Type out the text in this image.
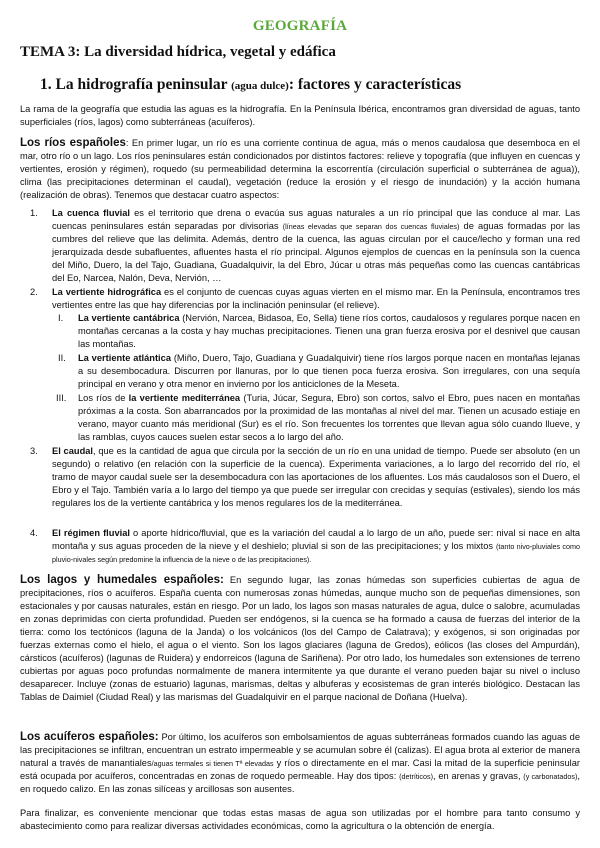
GEOGRAFÍA
TEMA 3: La diversidad hídrica, vegetal y edáfica
1. La hidrografía peninsular (agua dulce): factores y características
La rama de la geografía que estudia las aguas es la hidrografía. En la Península Ibérica, encontramos gran diversidad de aguas, tanto superficiales (ríos, lagos) como subterráneas (acuíferos).
Los ríos españoles: En primer lugar, un río es una corriente continua de agua, más o menos caudalosa que desemboca en el mar, otro río o un lago. Los ríos peninsulares están condicionados por distintos factores: relieve y topografía (que influyen en cuencas y vertientes, erosión y régimen), roquedo (su permeabilidad determina la escorrentía (circulación superficial o subterránea de agua)), clima (las precipitaciones determinan el caudal), vegetación (reduce la erosión y el riesgo de inundación) y la acción humana (realización de obras). Tenemos que destacar cuatro aspectos:
1. La cuenca fluvial es el territorio que drena o evacúa sus aguas naturales a un río principal que las conduce al mar. Las cuencas peninsulares están separadas por divisorias (líneas elevadas que separan dos cuencas fluviales) de aguas formadas por las cumbres del relieve que las delimita. Además, dentro de la cuenca, las aguas circulan por el cauce/lecho y forman una red jerarquizada desde subafluentes, afluentes hasta el río principal. Algunos ejemplos de cuencas en la península son la cuenca del Miño, Duero, la del Tajo, Guadiana, Guadalquivir, la del Ebro, Júcar u otras más pequeñas como las cuencas cantábricas del Eo, Narcea, Nalón, Deva, Nervión, …
2. La vertiente hidrográfica es el conjunto de cuencas cuyas aguas vierten en el mismo mar. En la Península, encontramos tres vertientes entre las que hay diferencias por la inclinación peninsular (el relieve).
I. La vertiente cantábrica (Nervión, Narcea, Bidasoa, Eo, Sella) tiene ríos cortos, caudalosos y regulares porque nacen en montañas cercanas a la costa y hay muchas precipitaciones. Tienen una gran fuerza erosiva por el desnivel que causan las montañas.
II. La vertiente atlántica (Miño, Duero, Tajo, Guadiana y Guadalquivir) tiene ríos largos porque nacen en montañas lejanas a su desembocadura. Discurren por llanuras, por lo que tienen poca fuerza erosiva. Son irregulares, con una sequía principal en verano y otra menor en invierno por los anticiclones de la Meseta.
III. Los ríos de la vertiente mediterránea (Turia, Júcar, Segura, Ebro) son cortos, salvo el Ebro, pues nacen en montañas próximas a la costa. Son abarrancados por la proximidad de las montañas al nivel del mar. Tienen un acusado estiaje en verano, mayor cuanto más meridional (Sur) es el río. Son frecuentes los torrentes que llevan agua sólo cuando llueve, y las ramblas, cuyos cauces suelen estar secos a lo largo del año.
3. El caudal, que es la cantidad de agua que circula por la sección de un río en una unidad de tiempo. Puede ser absoluto (en un segundo) o relativo (en relación con la superficie de la cuenca). Experimenta variaciones, a lo largo del recorrido del río, el tramo de mayor caudal suele ser la desembocadura con las aportaciones de los afluentes. Los más caudalosos son el Duero, el Ebro y el Tajo. También varía a lo largo del tiempo ya que puede ser irregular con crecidas y sequías (estivales), siendo los más regulares los de la vertiente cantábrica y los menos regulares los de la mediterránea.
4. El régimen fluvial o aporte hídrico/fluvial, que es la variación del caudal a lo largo de un año, puede ser: nival si nace en alta montaña y sus aguas proceden de la nieve y el deshielo; pluvial si son de las precipitaciones; y los mixtos (tanto nivo-pluviales como pluvio-nivales según predomine la influencia de la nieve o de las precipitaciones).
Los lagos y humedales españoles: En segundo lugar, las zonas húmedas son superficies cubiertas de agua de precipitaciones, ríos o acuíferos. España cuenta con numerosas zonas húmedas, aunque mucho son de pequeñas dimensiones, son estacionales y por causas naturales, están en riesgo. Por un lado, los lagos son masas naturales de agua, dulce o salobre, acumuladas en zonas deprimidas con cierta profundidad. Pueden ser endógenos, si la cuenca se ha formado a causa de fuerzas del interior de la tierra: como los tectónicos (laguna de la Janda) o los volcánicos (los del Campo de Calatrava); y exógenos, si son originadas por fuerzas externas como el hielo, el agua o el viento. Son los lagos glaciares (laguna de Gredos), eólicos (las closes del Ampurdán), cársticos (acuíferos) (lagunas de Ruidera) y endorreicos (laguna de Sariñena). Por otro lado, los humedales son extensiones de terreno cubiertas por aguas poco profundas normalmente de manera intermitente ya que durante el verano pueden bajar su nivel o incluso desaparecer. Incluye (zonas de estuario) lagunas, marismas, deltas y albuferas y ecosistemas de gran interés biológico. Destacan las Tablas de Daimiel (Ciudad Real) y las marismas del Guadalquivir en el parque nacional de Doñana (Huelva).
Los acuíferos españoles: Por último, los acuíferos son embolsamientos de aguas subterráneas formados cuando las aguas de las precipitaciones se infiltran, encuentran un estrato impermeable y se acumulan sobre él (calizas). El agua brota al exterior de manera natural a través de manantiales/aguas termales si tienen Tª elevadas y ríos o directamente en el mar. Casi la mitad de la superficie peninsular está ocupada por acuíferos, concentradas en zonas de roquedo permeable. Hay dos tipos: (detríticos), en arenas y gravas, (y carbonatados), en roquedo calizo. En las zonas silíceas y arcillosas son ausentes.
Para finalizar, es conveniente mencionar que todas estas masas de agua son utilizadas por el hombre para tanto consumo y abastecimiento como para realizar diversas actividades económicas, como la agricultura o la obtención de energía.
